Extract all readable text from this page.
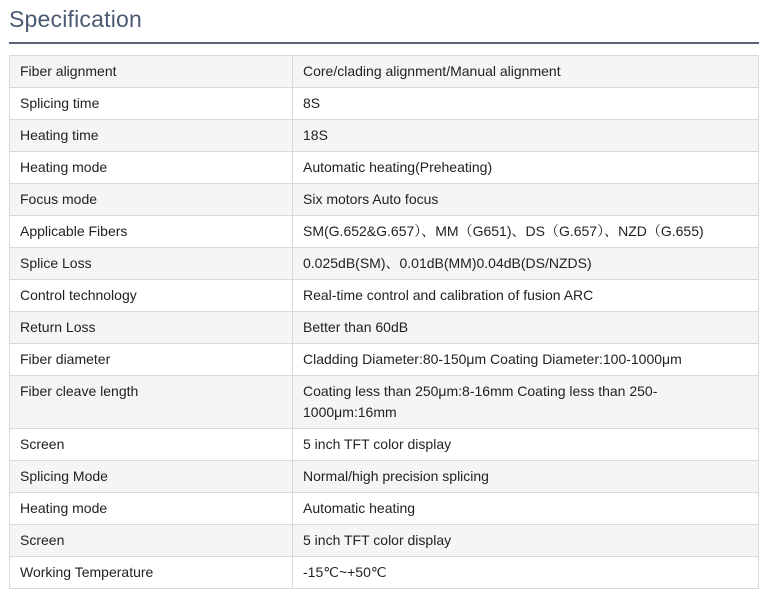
Specification
Fiber alignment	Core/clading alignment/Manual alignment
Splicing time	8S
Heating time	18S
Heating mode	Automatic heating(Preheating)
Focus mode	Six motors Auto focus
Applicable Fibers	SM(G.652&G.657）、MM（G651)、DS（G.657）、NZD（G.655)
Splice Loss	0.025dB(SM)、0.01dB(MM)0.04dB(DS/NZDS)
Control technology	Real-time control and calibration of fusion ARC
Return Loss	Better than 60dB
Fiber diameter	Cladding Diameter:80-150μm Coating Diameter:100-1000μm
Fiber cleave length	Coating less than 250μm:8-16mm Coating less than 250-1000μm:16mm
Screen	5 inch TFT color display
Splicing Mode	Normal/high precision splicing
Heating mode	Automatic heating
Screen	5 inch TFT color display
Working Temperature	-15℃~+50℃
